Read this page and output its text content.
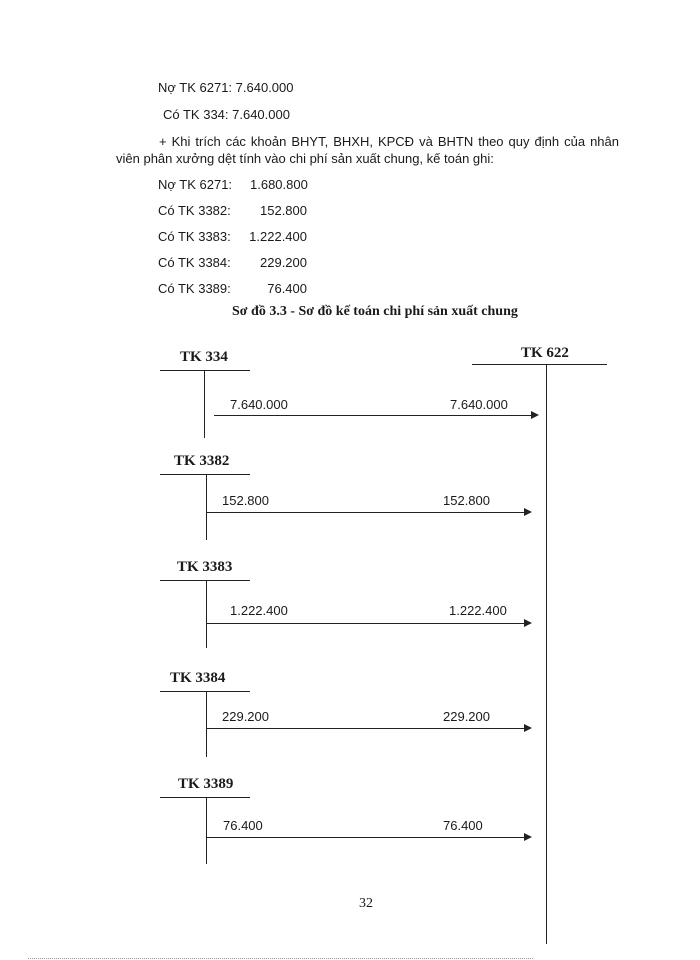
Nợ TK 6271: 7.640.000
Có TK 334: 7.640.000
+ Khi trích các khoản BHYT, BHXH, KPCĐ và BHTN theo quy định của nhân viên phân xưởng dệt tính vào chi phí sản xuất chung, kế toán ghi:
Nợ TK 6271: 1.680.800
Có TK 3382:	152.800
Có TK 3383:	1.222.400
Có TK 3384:	229.200
Có TK 3389:	76.400
Sơ đồ 3.3 - Sơ đồ kế toán chi phí sản xuất chung
TK 622
TK 334
7.640.000	7.640.000
TK 3382
152.800	152.800
TK 3383
1.222.400	1.222.400
TK 3384
229.200	229.200
TK 3389
76.400	76.400
32
